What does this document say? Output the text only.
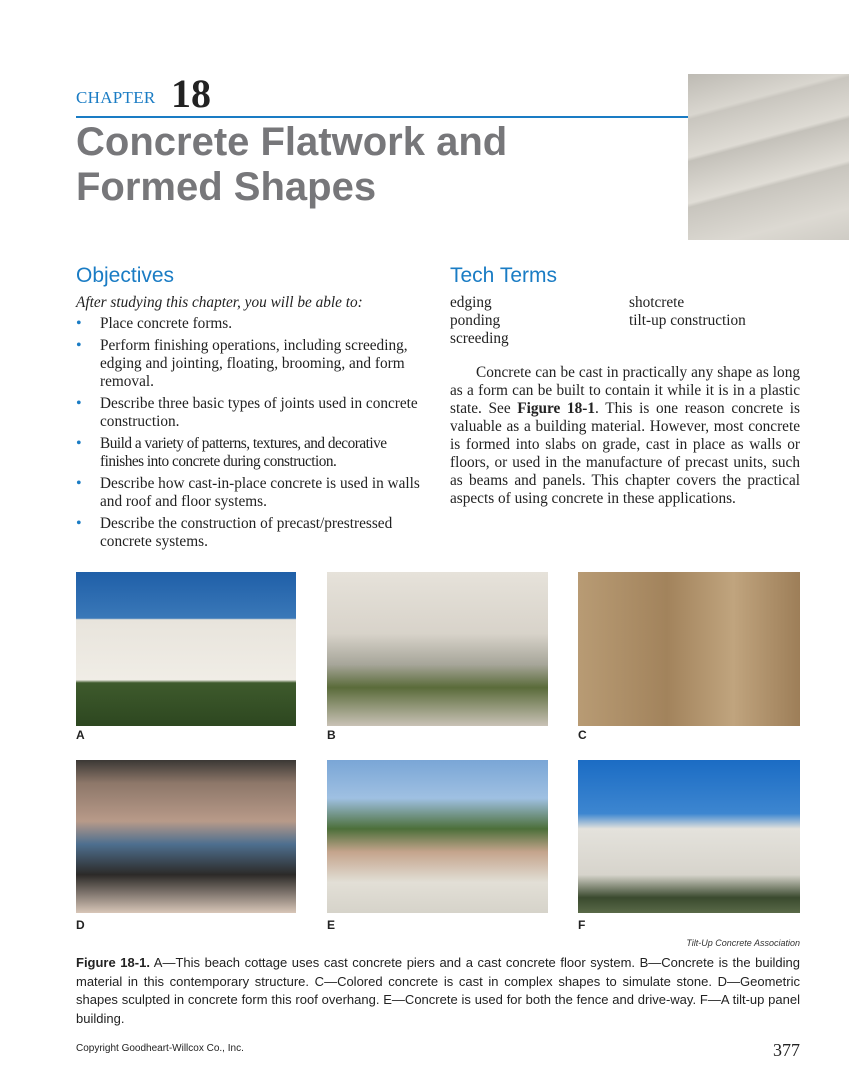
CHAPTER 18
Concrete Flatwork and Formed Shapes
Objectives
After studying this chapter, you will be able to:
• Place concrete forms.
• Perform finishing operations, including screeding, edging and jointing, floating, brooming, and form removal.
• Describe three basic types of joints used in concrete construction.
• Build a variety of patterns, textures, and decorative finishes into concrete during construction.
• Describe how cast-in-place concrete is used in walls and roof and floor systems.
• Describe the construction of precast/prestressed concrete systems.
Tech Terms
edging
ponding
screeding
shotcrete
tilt-up construction

Concrete can be cast in practically any shape as long as a form can be built to contain it while it is in a plastic state. See Figure 18-1. This is one reason concrete is valuable as a building material. However, most concrete is formed into slabs on grade, cast in place as walls or floors, or used in the manufacture of precast units, such as beams and panels. This chapter covers the practical aspects of using concrete in these applications.

A	B	C
D	E	F
Tilt-Up Concrete Association
Figure 18-1. A—This beach cottage uses cast concrete piers and a cast concrete floor system. B—Concrete is the building material in this contemporary structure. C—Colored concrete is cast in complex shapes to simulate stone. D—Geometric shapes sculpted in concrete form this roof overhang. E—Concrete is used for both the fence and drive-way. F—A tilt-up panel building.
Copyright Goodheart-Willcox Co., Inc.	377
